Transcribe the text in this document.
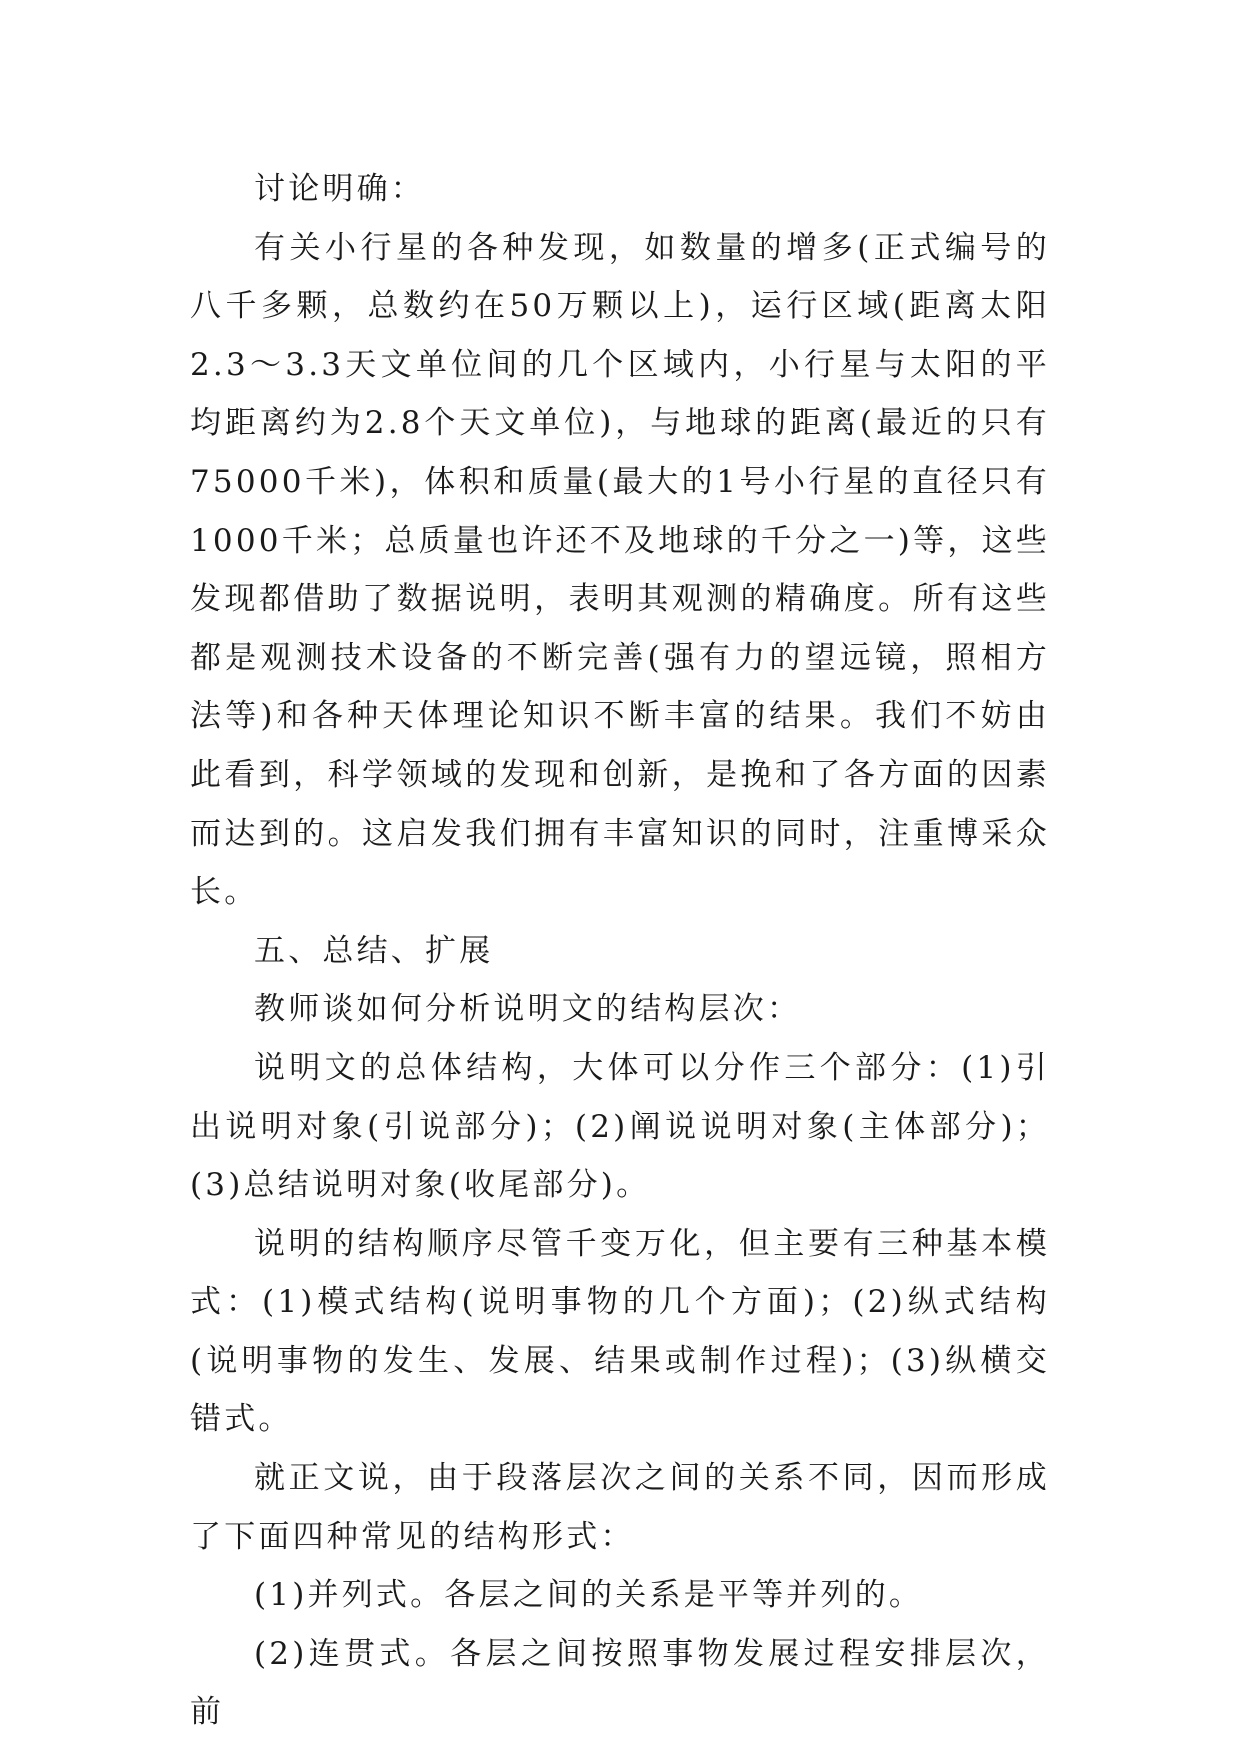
讨论明确：

有关小行星的各种发现，如数量的增多(正式编号的八千多颗，总数约在50万颗以上)，运行区域(距离太阳2.3～3.3天文单位间的几个区域内，小行星与太阳的平均距离约为2.8个天文单位)，与地球的距离(最近的只有75000千米)，体积和质量(最大的1号小行星的直径只有1000千米；总质量也许还不及地球的千分之一)等，这些发现都借助了数据说明，表明其观测的精确度。所有这些都是观测技术设备的不断完善(强有力的望远镜，照相方法等)和各种天体理论知识不断丰富的结果。我们不妨由此看到，科学领域的发现和创新，是挽和了各方面的因素而达到的。这启发我们拥有丰富知识的同时，注重博采众长。

五、总结、扩展

教师谈如何分析说明文的结构层次：

说明文的总体结构，大体可以分作三个部分：(1)引出说明对象(引说部分)；(2)阐说说明对象(主体部分)；(3)总结说明对象(收尾部分)。

说明的结构顺序尽管千变万化，但主要有三种基本模式：(1)模式结构(说明事物的几个方面)；(2)纵式结构(说明事物的发生、发展、结果或制作过程)；(3)纵横交错式。

就正文说，由于段落层次之间的关系不同，因而形成了下面四种常见的结构形式：

(1)并列式。各层之间的关系是平等并列的。

(2)连贯式。各层之间按照事物发展过程安排层次，前
